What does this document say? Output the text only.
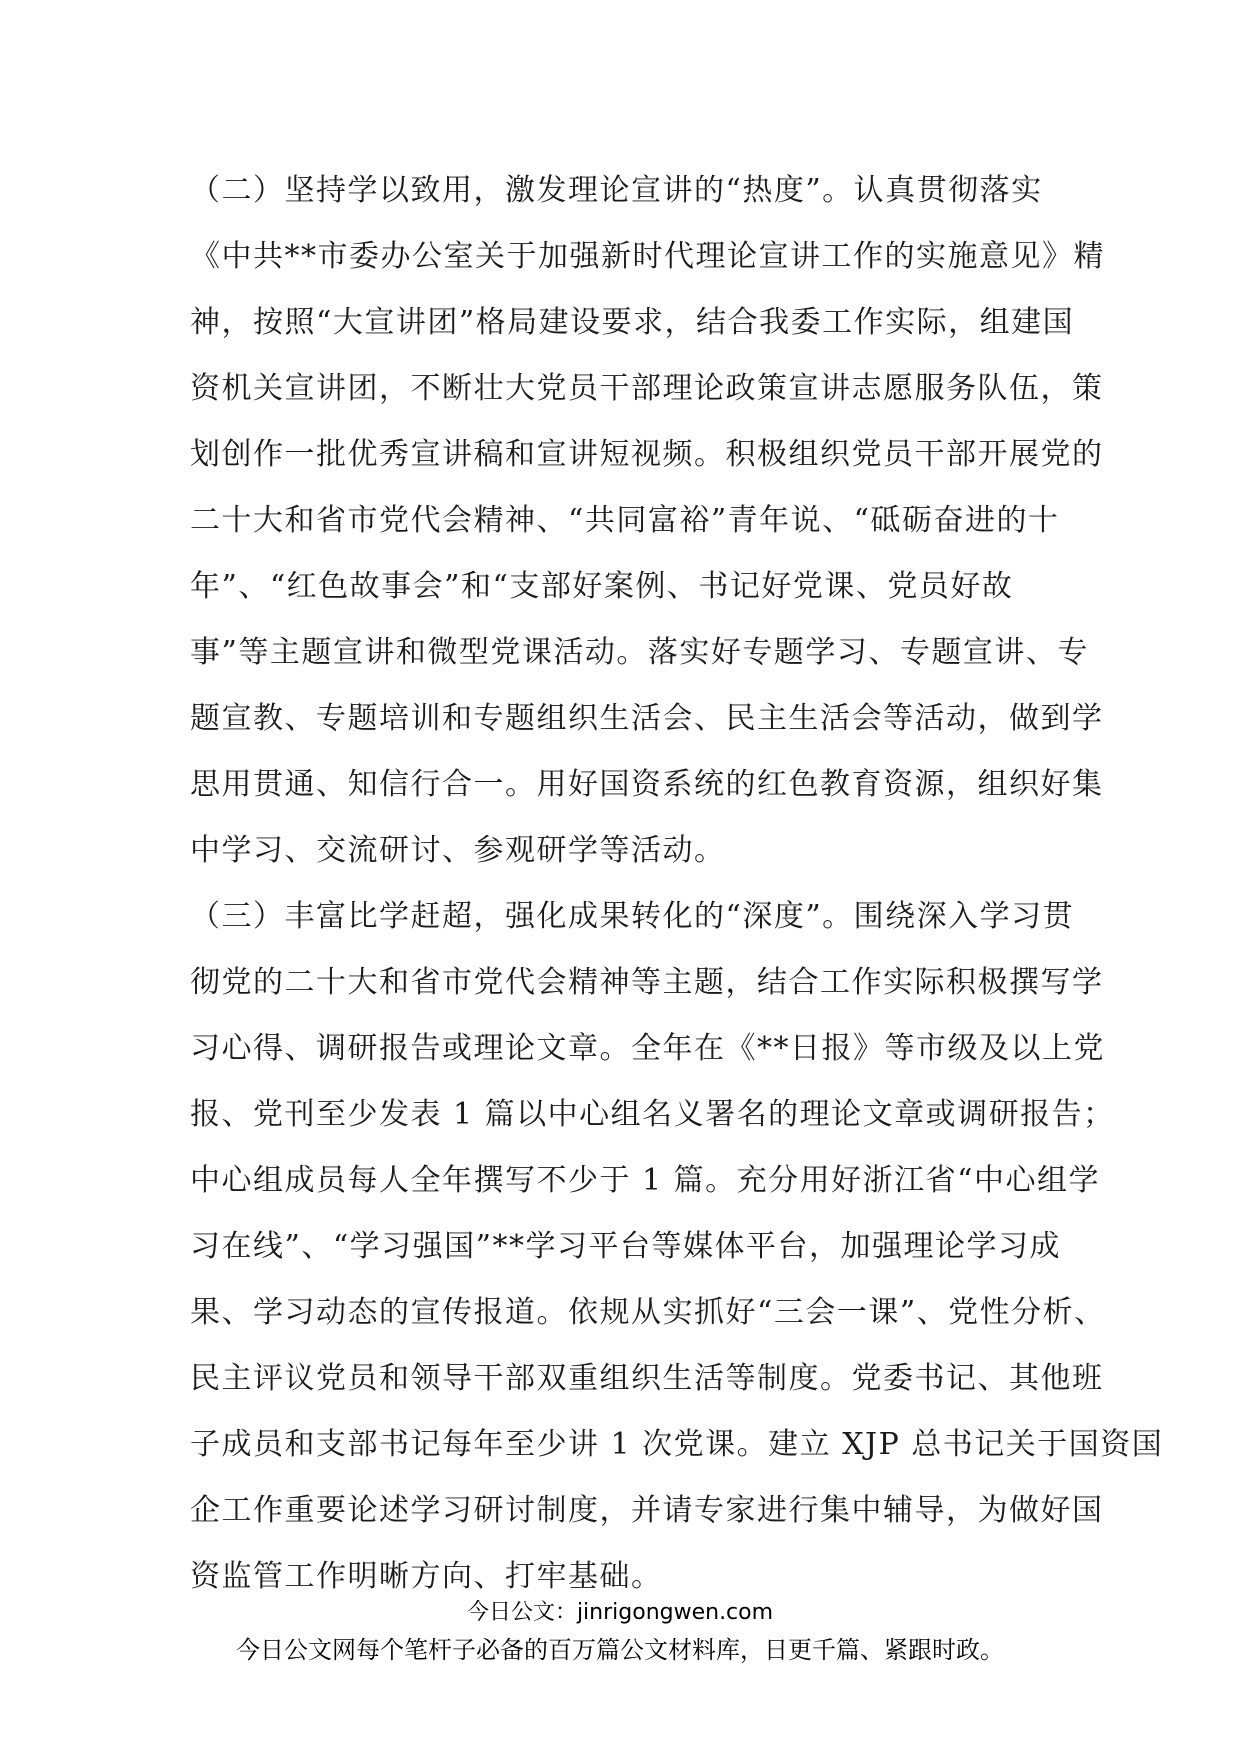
（二）坚持学以致用，激发理论宣讲的“热度”。认真贯彻落实
《中共**市委办公室关于加强新时代理论宣讲工作的实施意见》精
神，按照“大宣讲团”格局建设要求，结合我委工作实际，组建国
资机关宣讲团，不断壮大党员干部理论政策宣讲志愿服务队伍，策
划创作一批优秀宣讲稿和宣讲短视频。积极组织党员干部开展党的
二十大和省市党代会精神、“共同富裕”青年说、“砥砺奋进的十
年”、“红色故事会”和“支部好案例、书记好党课、党员好故
事”等主题宣讲和微型党课活动。落实好专题学习、专题宣讲、专
题宣教、专题培训和专题组织生活会、民主生活会等活动，做到学
思用贯通、知信行合一。用好国资系统的红色教育资源，组织好集
中学习、交流研讨、参观研学等活动。
（三）丰富比学赶超，强化成果转化的“深度”。围绕深入学习贯
彻党的二十大和省市党代会精神等主题，结合工作实际积极撰写学
习心得、调研报告或理论文章。全年在《**日报》等市级及以上党
报、党刊至少发表 1 篇以中心组名义署名的理论文章或调研报告；
中心组成员每人全年撰写不少于 1 篇。充分用好浙江省“中心组学
习在线”、“学习强国”**学习平台等媒体平台，加强理论学习成
果、学习动态的宣传报道。依规从实抓好“三会一课”、党性分析、
民主评议党员和领导干部双重组织生活等制度。党委书记、其他班
子成员和支部书记每年至少讲 1 次党课。建立 XJP 总书记关于国资国
企工作重要论述学习研讨制度，并请专家进行集中辅导，为做好国
资监管工作明晰方向、打牢基础。
今日公文：jinrigongwen.com
今日公文网每个笔杆子必备的百万篇公文材料库，日更千篇、紧跟时政。
